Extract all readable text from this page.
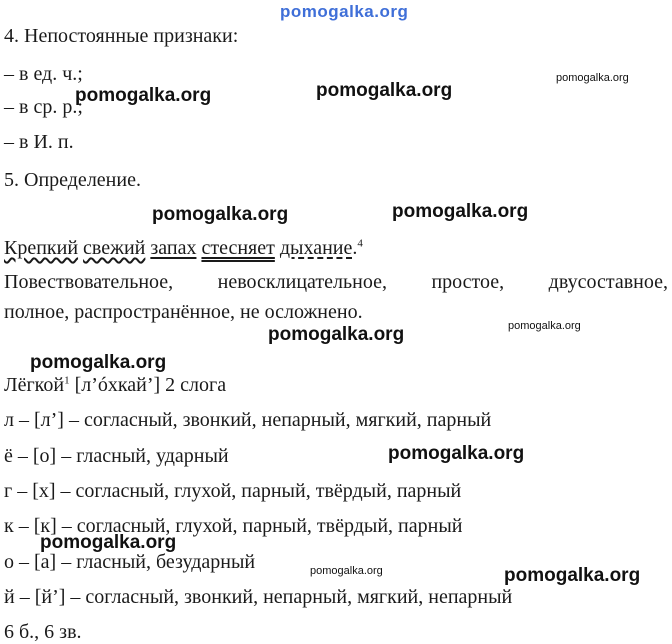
pomogalka.org
4. Непостоянные признаки:
– в ед. ч.;
– в ср. р.;
– в И. п.
5. Определение.
Крепкий свежий запах стесняет дыхание.$^4$
Повествовательное, невосклицательное, простое, двусоставное,
полное, распространённое, не осложнено.
Лёгкой$^1$ [л’óхкай’] 2 слога
л – [л’] – согласный, звонкий, непарный, мягкий, парный
ё – [о] – гласный, ударный
г – [х] – согласный, глухой, парный, твёрдый, парный
к – [к] – согласный, глухой, парный, твёрдый, парный
о – [а] – гласный, безударный
й – [й’] – согласный, звонкий, непарный, мягкий, непарный
6 б., 6 зв.
pomogalka.org	pomogalka.org
pomogalka.org
pomogalka.org	pomogalka.org
pomogalka.org	pomogalka.org
pomogalka.org
pomogalka.org
pomogalka.org
pomogalka.org	pomogalka.org
